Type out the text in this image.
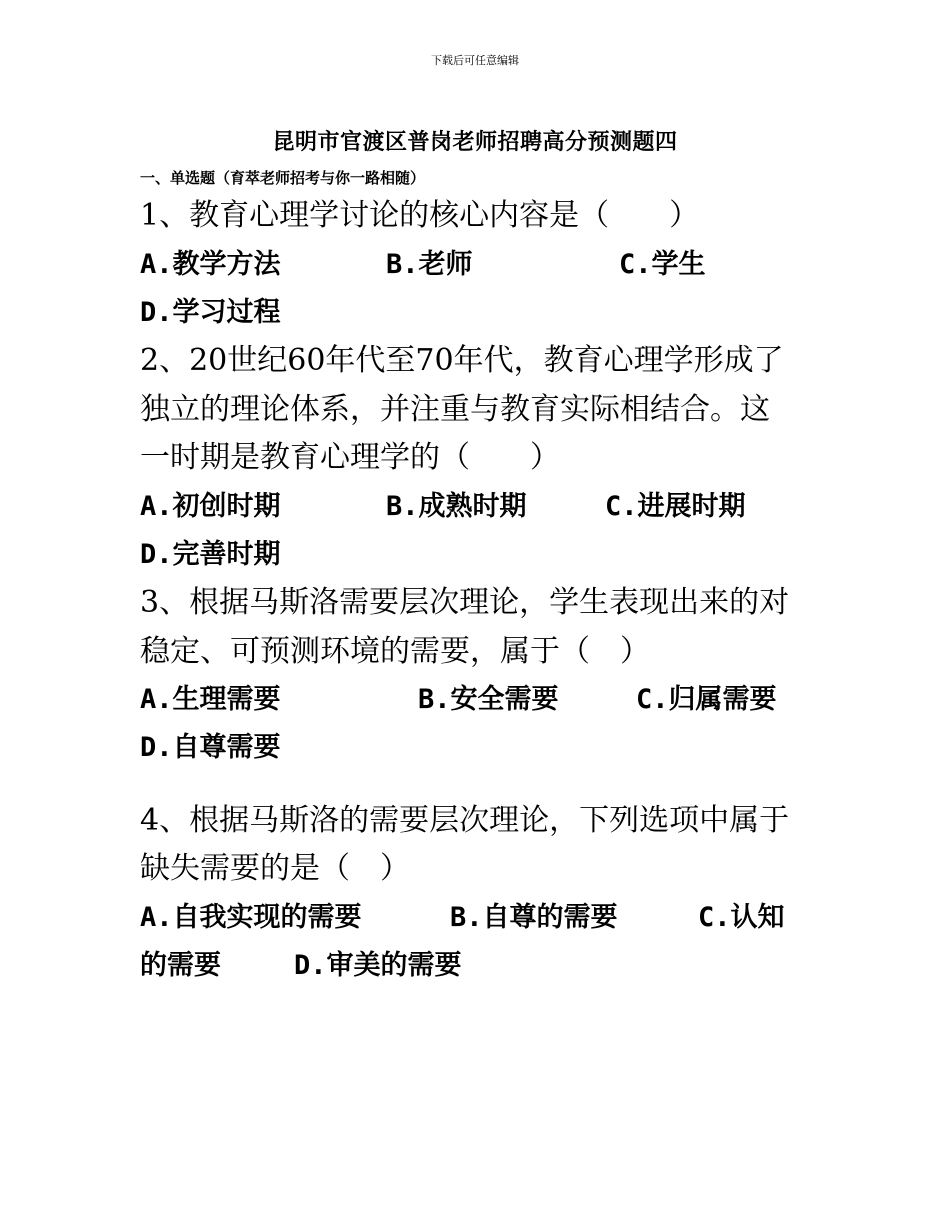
下载后可任意编辑
昆明市官渡区普岗老师招聘高分预测题四
一、单选题（育萃老师招考与你一路相随）
1、教育心理学讨论的核心内容是（　　）
A.教学方法	B.老师	C.学生
D.学习过程
2、20世纪60年代至70年代，教育心理学形成了
独立的理论体系，并注重与教育实际相结合。这
一时期是教育心理学的（　　）
A.初创时期	B.成熟时期	C.进展时期
D.完善时期
3、根据马斯洛需要层次理论，学生表现出来的对
稳定、可预测环境的需要，属于（　）
A.生理需要	B.安全需要	C.归属需要
D.自尊需要
4、根据马斯洛的需要层次理论，下列选项中属于
缺失需要的是（　）
A.自我实现的需要	B.自尊的需要	C.认知
的需要	D.审美的需要
